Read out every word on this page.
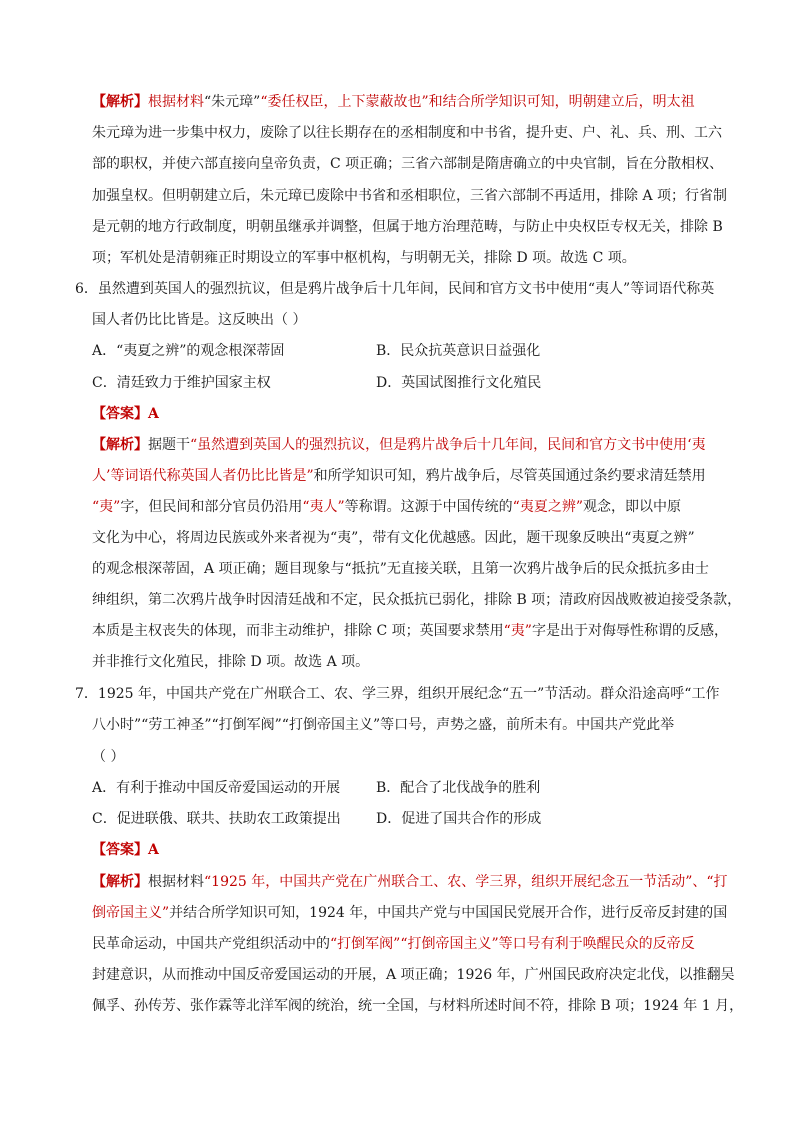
【解析】根据材料“朱元璋”“委任权臣，上下蒙蔽故也”和结合所学知识可知，明朝建立后，明太祖
朱元璋为进一步集中权力，废除了以往长期存在的丞相制度和中书省，提升吏、户、礼、兵、刑、工六
部的职权，并使六部直接向皇帝负责，C 项正确；三省六部制是隋唐确立的中央官制，旨在分散相权、
加强皇权。但明朝建立后，朱元璋已废除中书省和丞相职位，三省六部制不再适用，排除 A 项；行省制
是元朝的地方行政制度，明朝虽继承并调整，但属于地方治理范畴，与防止中央权臣专权无关，排除 B
项；军机处是清朝雍正时期设立的军事中枢机构，与明朝无关，排除 D 项。故选 C 项。
6．虽然遭到英国人的强烈抗议，但是鸦片战争后十几年间，民间和官方文书中使用“夷人”等词语代称英
国人者仍比比皆是。这反映出（ ）
A．“夷夏之辨”的观念根深蒂固	B．民众抗英意识日益强化
C．清廷致力于维护国家主权	D．英国试图推行文化殖民
【答案】A
【解析】据题干“虽然遭到英国人的强烈抗议，但是鸦片战争后十几年间，民间和官方文书中使用‘夷
人’等词语代称英国人者仍比比皆是”和所学知识可知，鸦片战争后，尽管英国通过条约要求清廷禁用
“夷”字，但民间和部分官员仍沿用“夷人”等称谓。这源于中国传统的“夷夏之辨”观念，即以中原
文化为中心，将周边民族或外来者视为“夷”，带有文化优越感。因此，题干现象反映出“夷夏之辨”
的观念根深蒂固，A 项正确；题目现象与“抵抗”无直接关联，且第一次鸦片战争后的民众抵抗多由士
绅组织，第二次鸦片战争时因清廷战和不定，民众抵抗已弱化，排除 B 项；清政府因战败被迫接受条款，
本质是主权丧失的体现，而非主动维护，排除 C 项；英国要求禁用“夷”字是出于对侮辱性称谓的反感，
并非推行文化殖民，排除 D 项。故选 A 项。
7．1925 年，中国共产党在广州联合工、农、学三界，组织开展纪念“五一”节活动。群众沿途高呼“工作
八小时”“劳工神圣”“打倒军阀”“打倒帝国主义”等口号，声势之盛，前所未有。中国共产党此举
（ ）
A．有利于推动中国反帝爱国运动的开展	B．配合了北伐战争的胜利
C．促进联俄、联共、扶助农工政策提出	D．促进了国共合作的形成
【答案】A
【解析】根据材料“1925 年，中国共产党在广州联合工、农、学三界，组织开展纪念五一节活动”、“打
倒帝国主义”并结合所学知识可知，1924 年，中国共产党与中国国民党展开合作，进行反帝反封建的国
民革命运动，中国共产党组织活动中的“打倒军阀”“打倒帝国主义”等口号有利于唤醒民众的反帝反
封建意识，从而推动中国反帝爱国运动的开展，A 项正确；1926 年，广州国民政府决定北伐，以推翻吴
佩孚、孙传芳、张作霖等北洋军阀的统治，统一全国，与材料所述时间不符，排除 B 项；1924 年 1 月，
